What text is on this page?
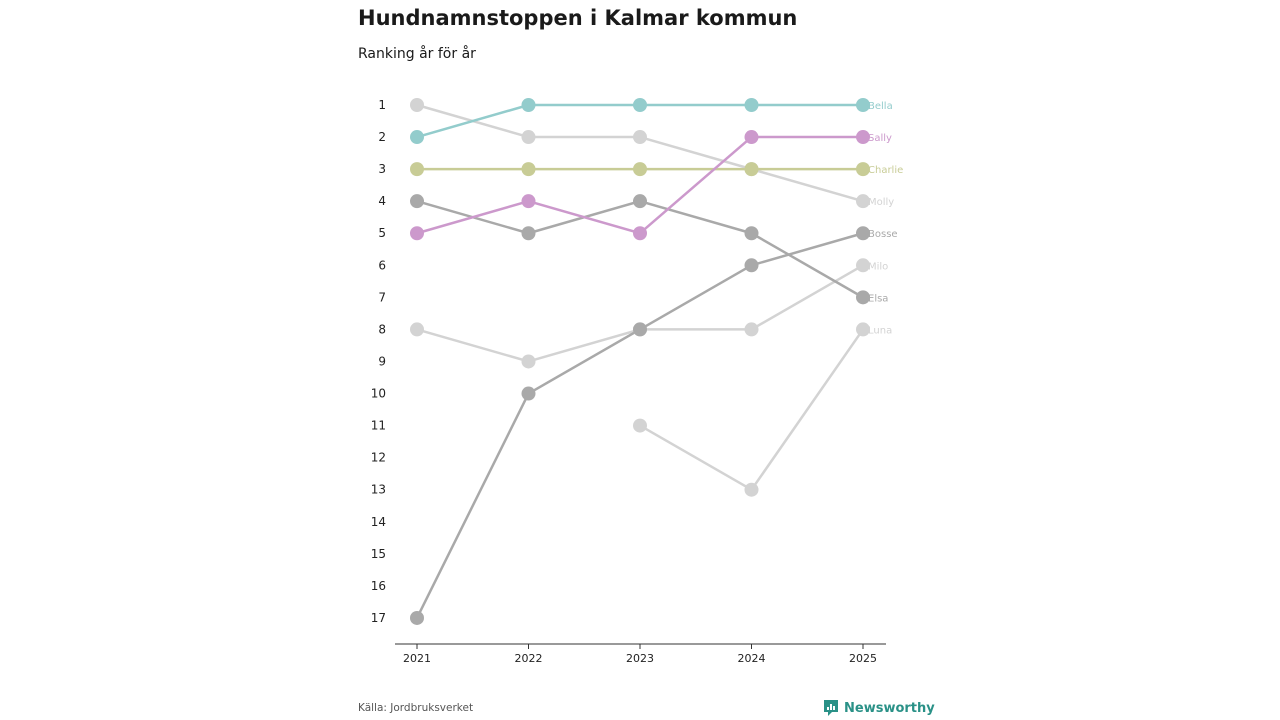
Hundnamnstoppen i Kalmar kommun

Ranking år för år

1
2
3
4
5
6
7
8
9
10
11
12
13
14
15
16
17
2021	2022	2023	2024	2025
Molly
Milo
Luna
Elsa
Bosse
Charlie
Sally
Bella
Källa: Jordbruksverket	Newsworthy
